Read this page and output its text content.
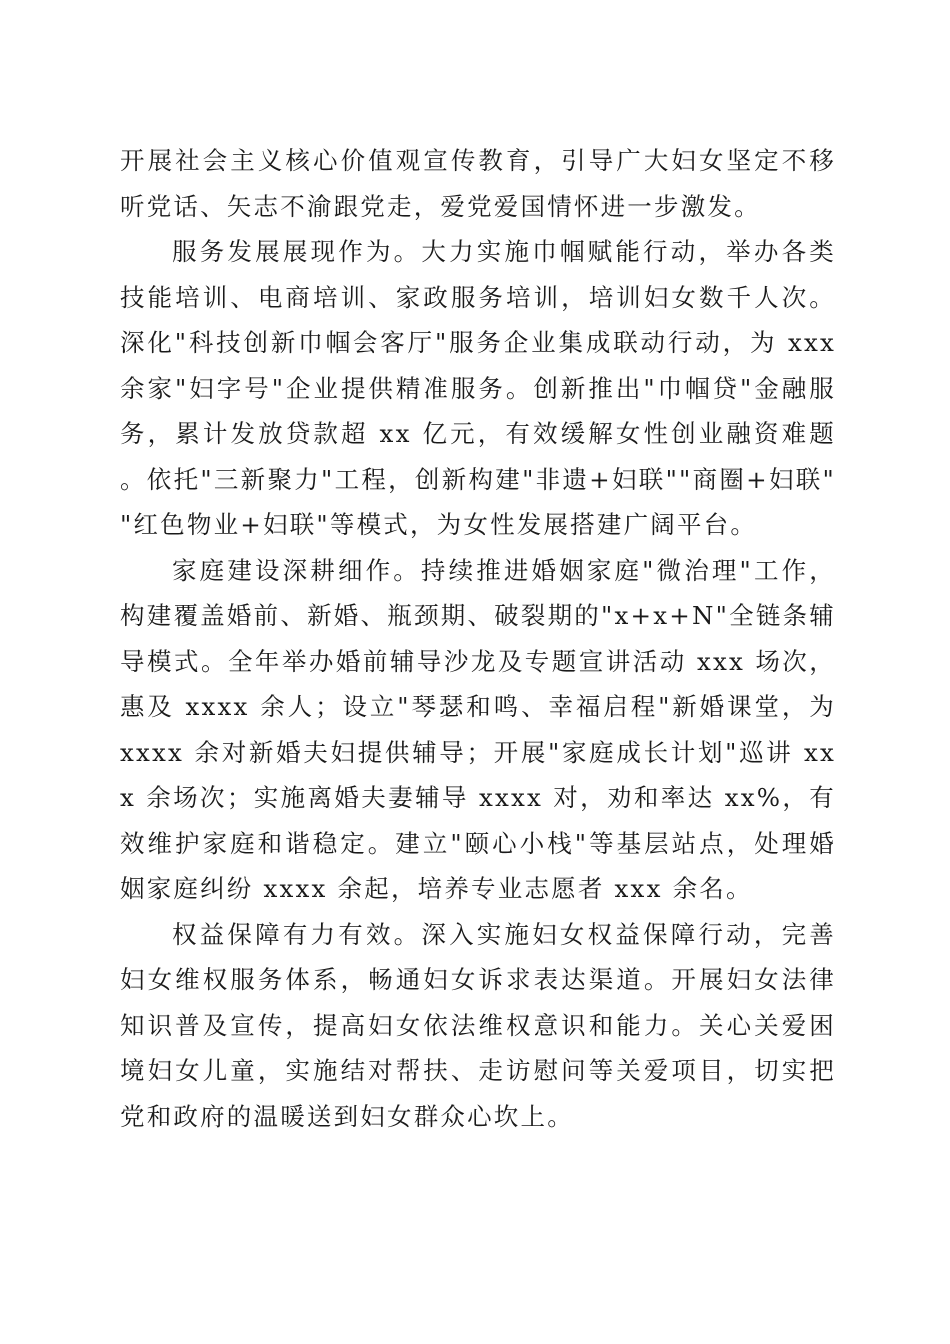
开展社会主义核心价值观宣传教育，引导广大妇女坚定不移听党话、矢志不渝跟党走，爱党爱国情怀进一步激发。

服务发展展现作为。大力实施巾帼赋能行动，举办各类技能培训、电商培训、家政服务培训，培训妇女数千人次。深化"科技创新巾帼会客厅"服务企业集成联动行动，为 xxx 余家"妇字号"企业提供精准服务。创新推出"巾帼贷"金融服务，累计发放贷款超 xx 亿元，有效缓解女性创业融资难题。依托"三新聚力"工程，创新构建"非遗+妇联""商圈+妇联""红色物业+妇联"等模式，为女性发展搭建广阔平台。

家庭建设深耕细作。持续推进婚姻家庭"微治理"工作，构建覆盖婚前、新婚、瓶颈期、破裂期的"x+x+N"全链条辅导模式。全年举办婚前辅导沙龙及专题宣讲活动 xxx 场次，惠及 xxxx 余人；设立"琴瑟和鸣、幸福启程"新婚课堂，为 xxxx 余对新婚夫妇提供辅导；开展"家庭成长计划"巡讲 xxx 余场次；实施离婚夫妻辅导 xxxx 对，劝和率达 xx%，有效维护家庭和谐稳定。建立"颐心小栈"等基层站点，处理婚姻家庭纠纷 xxxx 余起，培养专业志愿者 xxx 余名。

权益保障有力有效。深入实施妇女权益保障行动，完善妇女维权服务体系，畅通妇女诉求表达渠道。开展妇女法律知识普及宣传，提高妇女依法维权意识和能力。关心关爱困境妇女儿童，实施结对帮扶、走访慰问等关爱项目，切实把党和政府的温暖送到妇女群众心坎上。
